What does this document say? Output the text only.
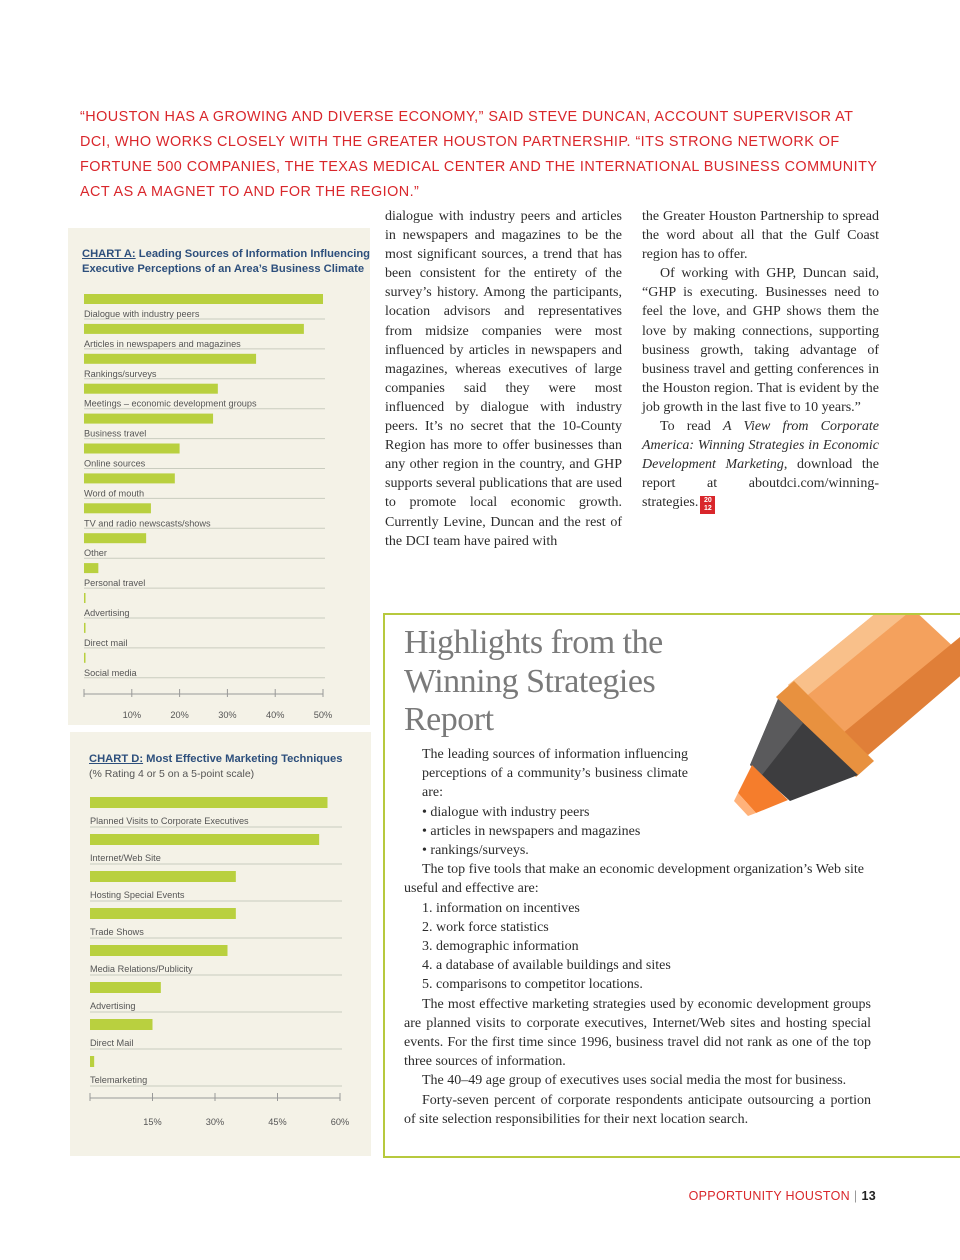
“HOUSTON HAS A GROWING AND DIVERSE ECONOMY,” SAID STEVE DUNCAN, ACCOUNT SUPERVISOR AT DCI, WHO WORKS CLOSELY WITH THE GREATER HOUSTON PARTNERSHIP. “ITS STRONG NETWORK OF FORTUNE 500 COMPANIES, THE TEXAS MEDICAL CENTER AND THE INTERNATIONAL BUSINESS COMMUNITY ACT AS A MAGNET TO AND FOR THE REGION.”

CHART A: Leading Sources of Information Influencing
Executive Perceptions of an Area’s Business Climate

Dialogue with industry peers
Articles in newspapers and magazines
Rankings/surveys
Meetings – economic development groups
Business travel
Online sources
Word of mouth
TV and radio newscasts/shows
Other
Personal travel
Advertising
Direct mail
Social media
10%	20%	30%	40%	50%

CHART D: Most Effective Marketing Techniques

(% Rating 4 or 5 on a 5-point scale)

Planned Visits to Corporate Executives
Internet/Web Site
Hosting Special Events
Trade Shows
Media Relations/Publicity
Advertising
Direct Mail
Telemarketing
15%	30%	45%	60%

dialogue with industry peers and articles in newspapers and magazines to be the most significant sources, a trend that has been consistent for the entirety of the survey’s history. Among the participants, location advisors and representatives from midsize companies were most influenced by articles in newspapers and magazines, whereas executives of large companies said they were most influenced by dialogue with industry peers. It’s no secret that the 10-County Region has more to offer businesses than any other region in the country, and GHP supports several publications that are used to promote local economic growth. Currently Levine, Duncan and the rest of the DCI team have paired with

the Greater Houston Partnership to spread the word about all that the Gulf Coast region has to offer.

Of working with GHP, Duncan said, “GHP is executing. Businesses need to feel the love, and GHP shows them the love by making connections, supporting business growth, taking advantage of business travel and getting conferences in the Houston region. That is evident by the job growth in the last five to 10 years.”

To read A View from Corporate America: Winning Strategies in Economic Development Marketing, download the report at aboutdci.com/winning-strategies. 20
12

Highlights from the Winning Strategies Report

The leading sources of information influencing perceptions of a community’s business climate are:

• dialogue with industry peers
• articles in newspapers and magazines
• rankings/surveys.

The top five tools that make an economic development organization’s Web site useful and effective are:

1. information on incentives
2. work force statistics
3. demographic information
4. a database of available buildings and sites
5. comparisons to competitor locations.

The most effective marketing strategies used by economic development groups are planned visits to corporate executives, Internet/Web sites and hosting special events. For the first time since 1996, business travel did not rank as one of the top three sources of information.

The 40–49 age group of executives uses social media the most for business.

Forty-seven percent of corporate respondents anticipate outsourcing a portion of site selection responsibilities for their next location search.

OPPORTUNITY HOUSTON | 13
